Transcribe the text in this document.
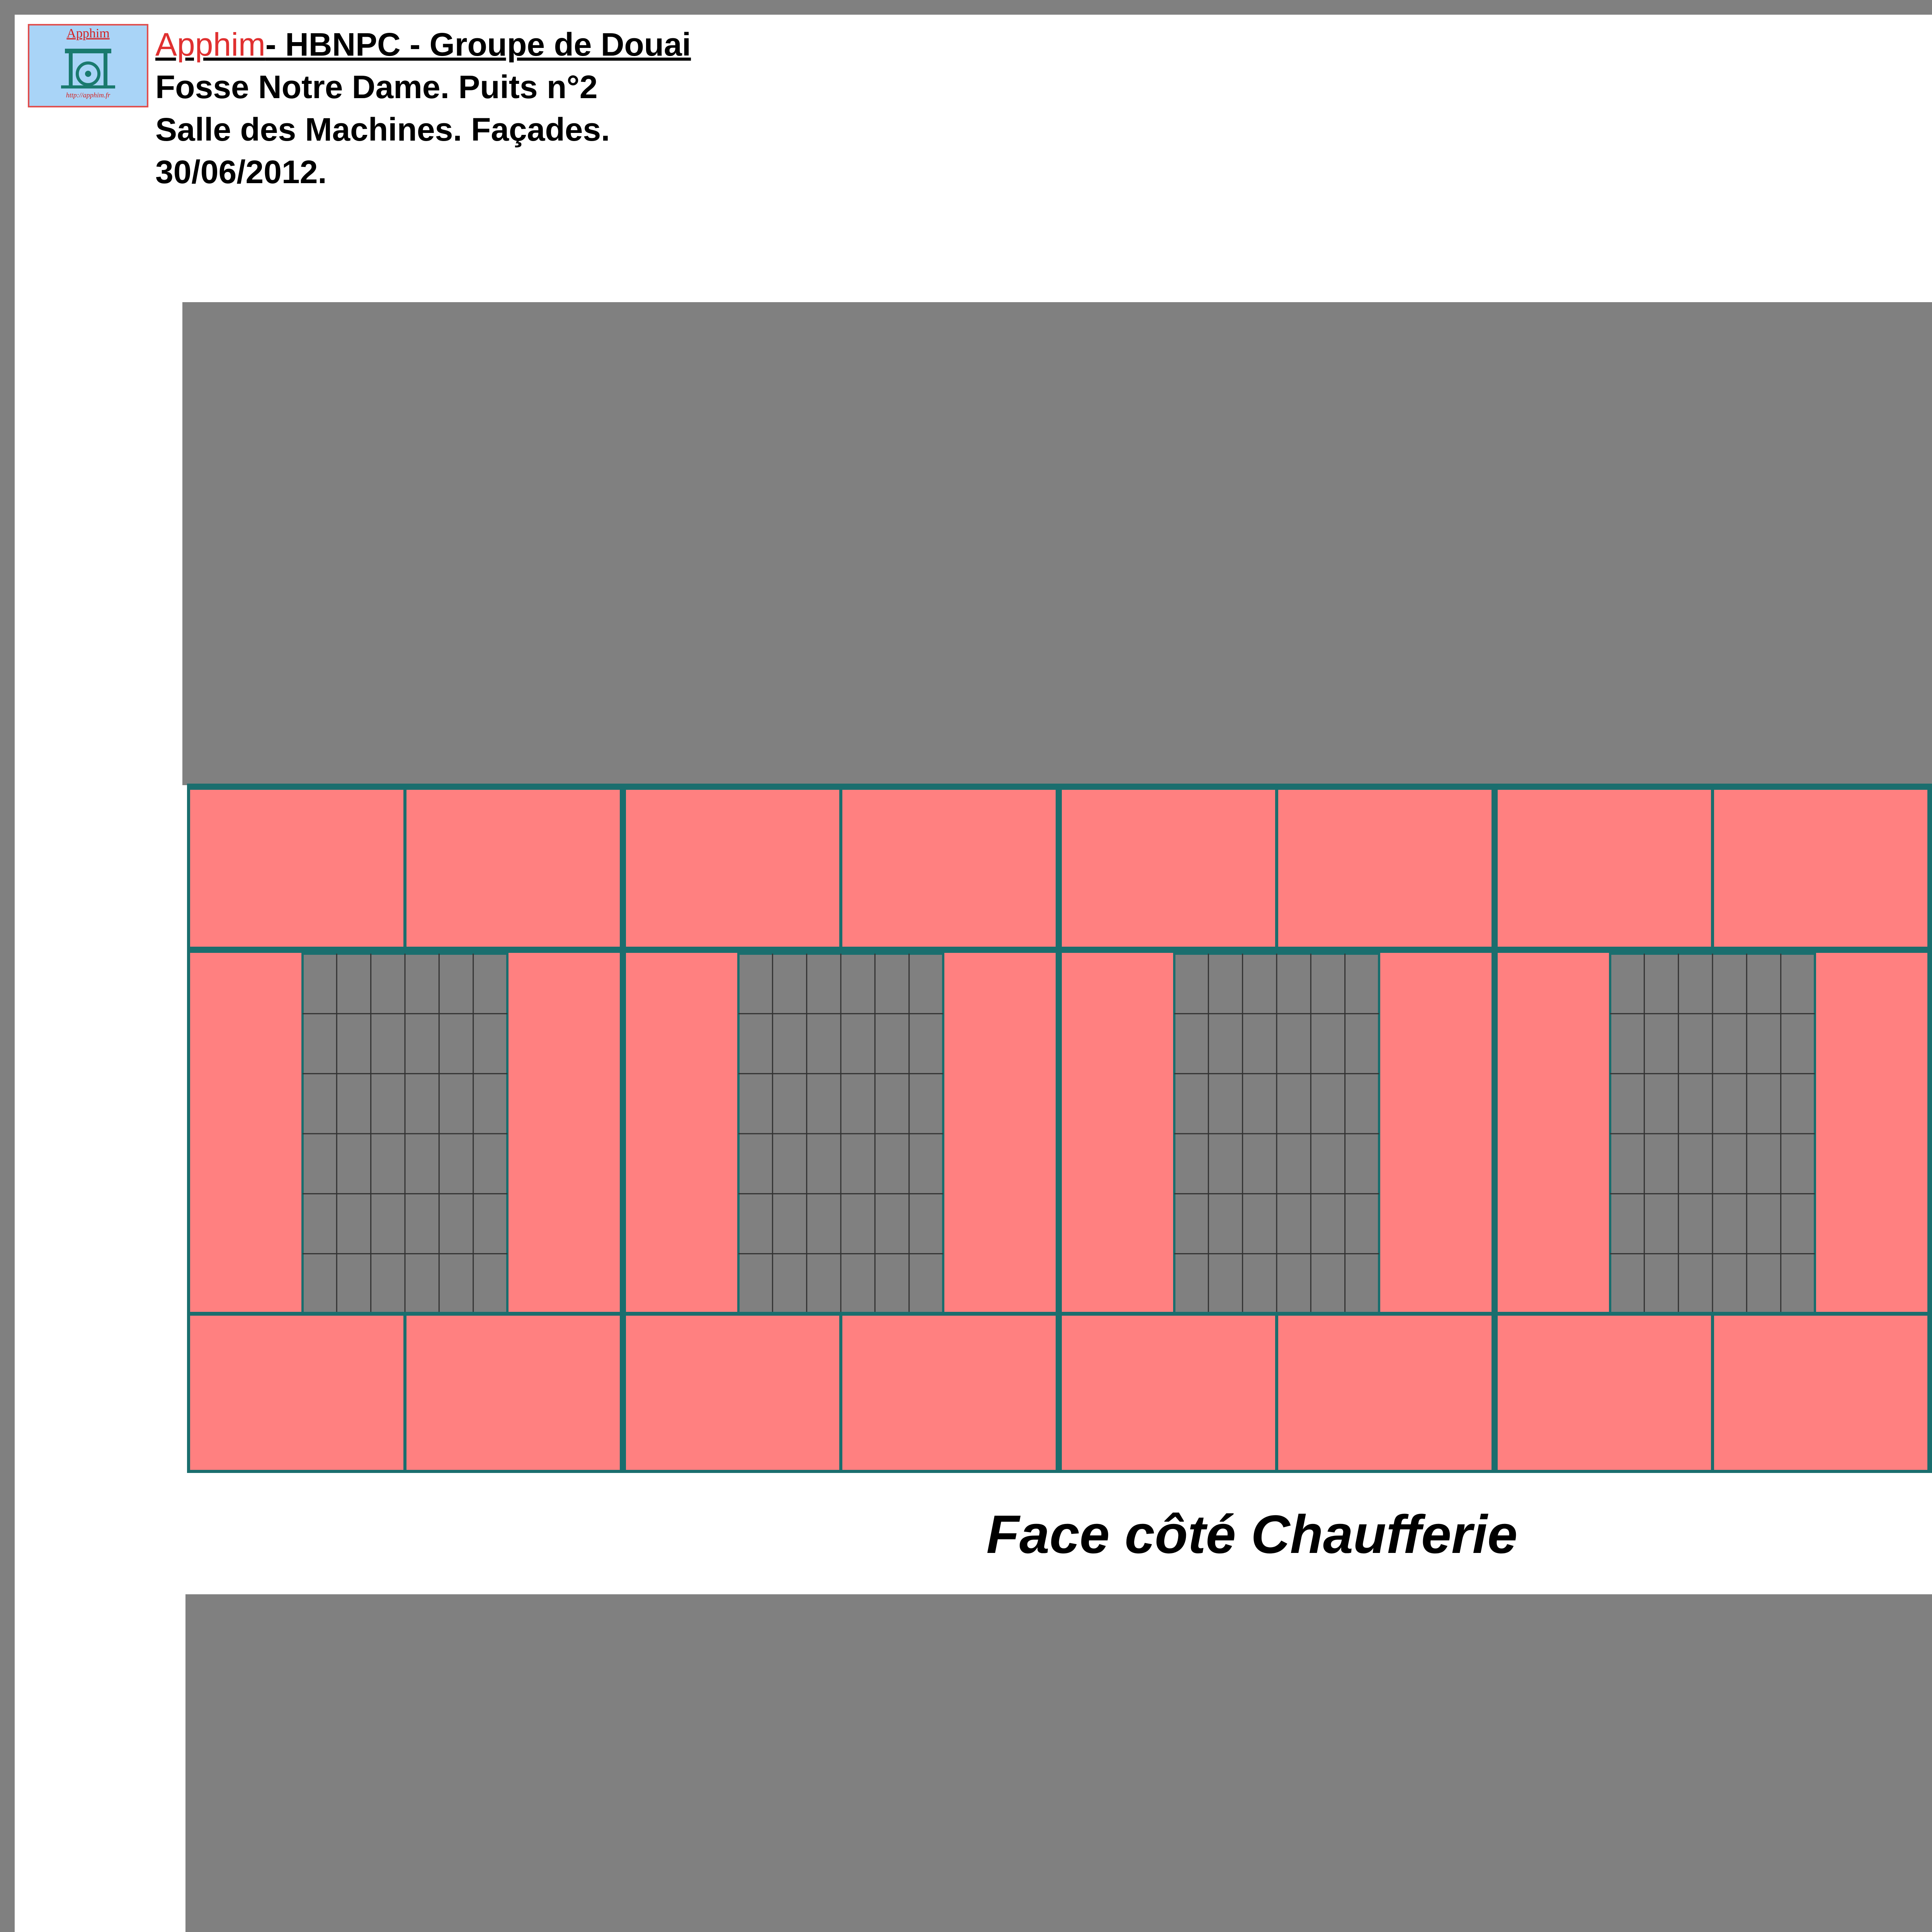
Apphim
http://apphim.fr
Apphim- HBNPC - Groupe de Douai
Fosse Notre Dame. Puits n°2
Salle des Machines. Façades.
30/06/2012.
Face côté Chaufferie
